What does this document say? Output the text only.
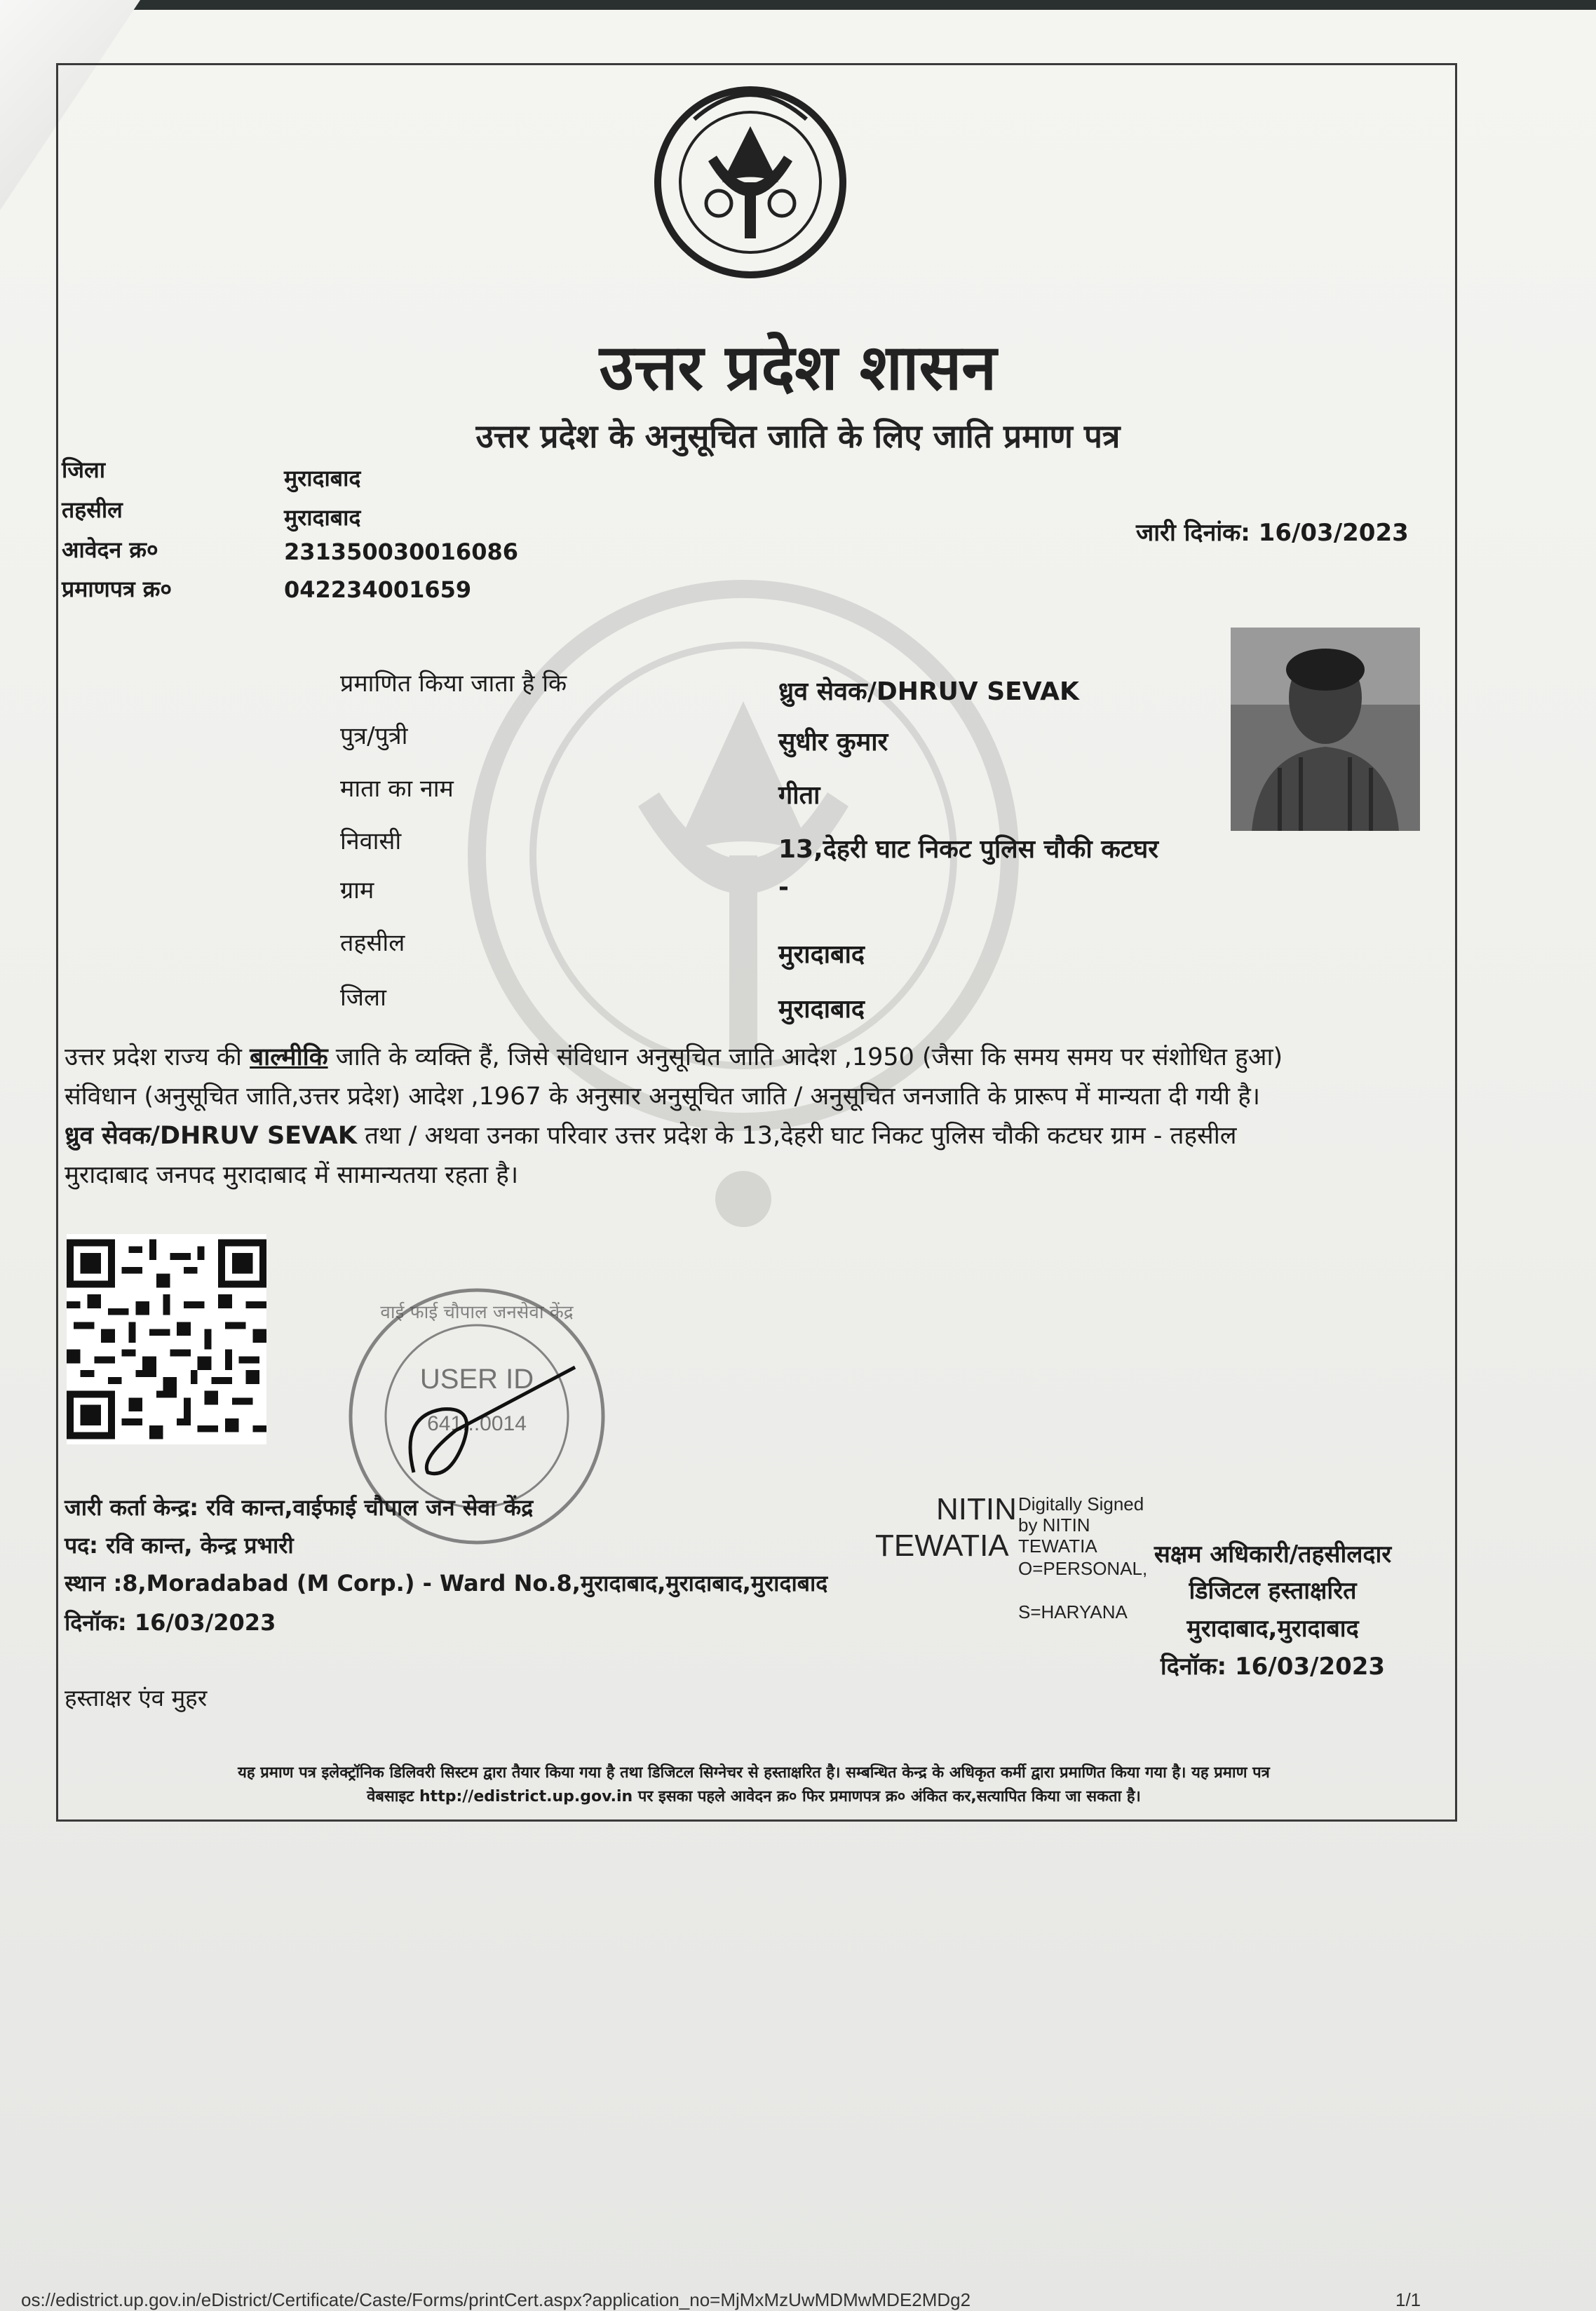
उत्तर प्रदेश शासन
उत्तर प्रदेश के अनुसूचित जाति के लिए जाति प्रमाण पत्र
जिला	मुरादाबाद
तहसील	मुरादाबाद
आवेदन क्र०	231350030016086
प्रमाणपत्र क्र०	042234001659
जारी दिनांक: 16/03/2023
प्रमाणित किया जाता है कि	ध्रुव सेवक/DHRUV SEVAK
पुत्र/पुत्री	सुधीर कुमार
माता का नाम	गीता
निवासी	13,देहरी घाट निकट पुलिस चौकी कटघर
ग्राम	-
तहसील	मुरादाबाद
जिला	मुरादाबाद
उत्तर प्रदेश राज्य की बाल्मीकि जाति के व्यक्ति हैं, जिसे संविधान अनुसूचित जाति आदेश ,1950 (जैसा कि समय समय पर संशोधित हुआ)
संविधान (अनुसूचित जाति,उत्तर प्रदेश) आदेश ,1967 के अनुसार अनुसूचित जाति / अनुसूचित जनजाति के प्रारूप में मान्यता दी गयी है।
ध्रुव सेवक/DHRUV SEVAK तथा / अथवा उनका परिवार उत्तर प्रदेश के 13,देहरी घाट निकट पुलिस चौकी कटघर ग्राम - तहसील
मुरादाबाद जनपद मुरादाबाद में सामान्यतया रहता है।
USER ID
641...0014
वाई फाई चौपाल जनसेवा केंद्र
जारी कर्ता केन्द्र: रवि कान्त,वाईफाई चौपाल जन सेवा केंद्र
पद: रवि कान्त, केन्द्र प्रभारी
स्थान :8,Moradabad (M Corp.) - Ward No.8,मुरादाबाद,मुरादाबाद,मुरादाबाद
दिनॉक: 16/03/2023
NITIN
TEWATIA
Digitally Signed
by NITIN
TEWATIA
O=PERSONAL,
S=HARYANA
सक्षम अधिकारी/तहसीलदार
डिजिटल हस्ताक्षरित
मुरादाबाद,मुरादाबाद
दिनॉक: 16/03/2023
हस्ताक्षर एंव मुहर
यह प्रमाण पत्र इलेक्ट्रॉनिक डिलिवरी सिस्टम द्वारा तैयार किया गया है तथा डिजिटल सिग्नेचर से हस्ताक्षरित है। सम्बन्धित केन्द्र के अधिकृत कर्मी द्वारा प्रमाणित किया गया है। यह प्रमाण पत्र
वेबसाइट http://edistrict.up.gov.in पर इसका पहले आवेदन क्र० फिर प्रमाणपत्र क्र० अंकित कर,सत्यापित किया जा सकता है।
os://edistrict.up.gov.in/eDistrict/Certificate/Caste/Forms/printCert.aspx?application_no=MjMxMzUwMDMwMDE2MDg2	1/1
